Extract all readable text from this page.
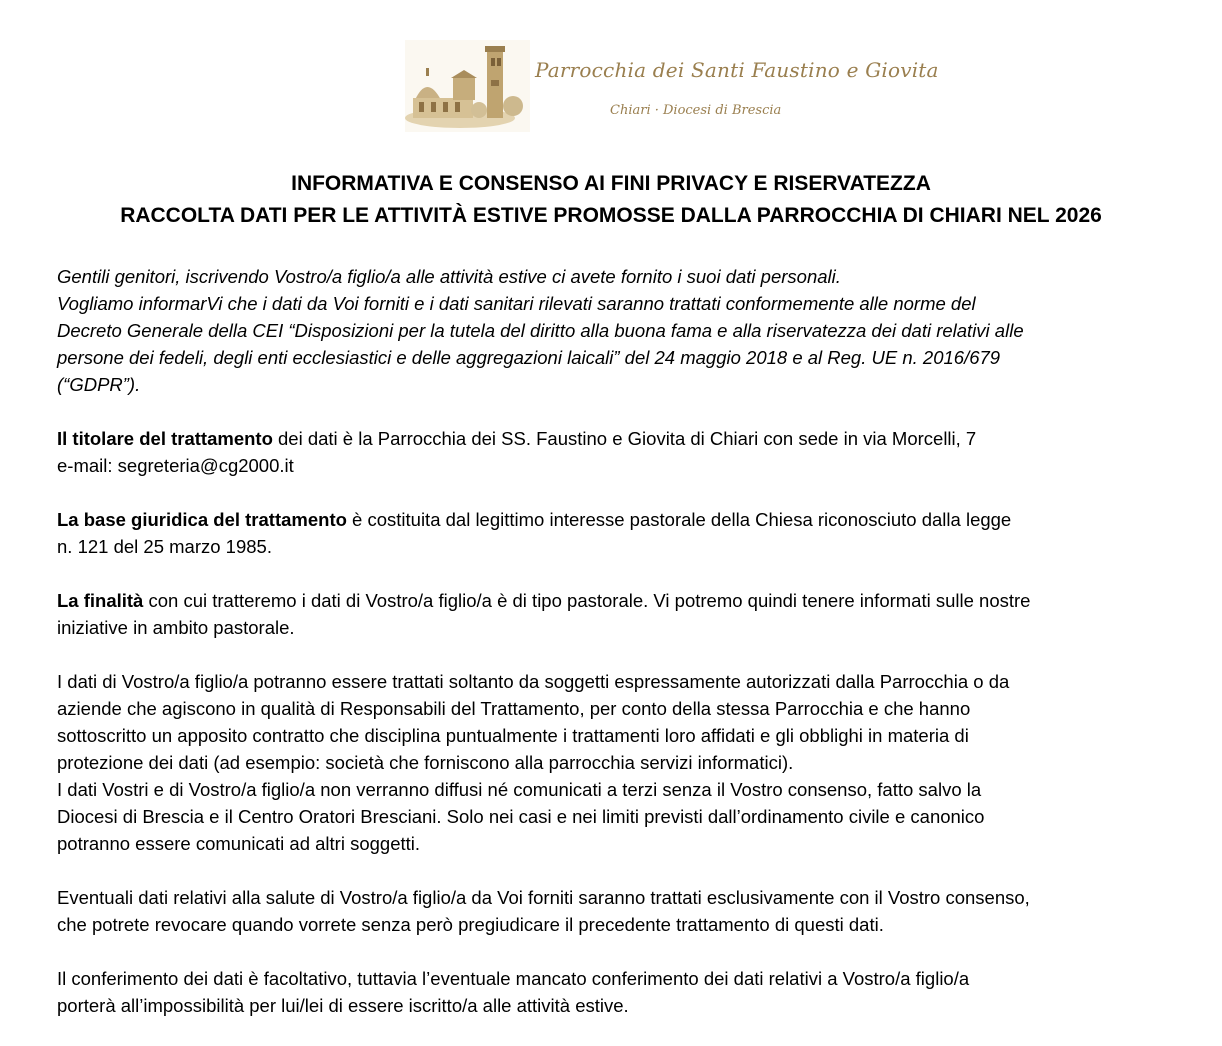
Parrocchia dei Santi Faustino e Giovita
Chiari · Diocesi di Brescia
INFORMATIVA E CONSENSO AI FINI PRIVACY E RISERVATEZZA
RACCOLTA DATI PER LE ATTIVITÀ ESTIVE PROMOSSE DALLA PARROCCHIA DI CHIARI NEL 2026

Gentili genitori, iscrivendo Vostro/a figlio/a alle attività estive ci avete fornito i suoi dati personali.
Vogliamo informarVi che i dati da Voi forniti e i dati sanitari rilevati saranno trattati conformemente alle norme del
Decreto Generale della CEI “Disposizioni per la tutela del diritto alla buona fama e alla riservatezza dei dati relativi alle
persone dei fedeli, degli enti ecclesiastici e delle aggregazioni laicali” del 24 maggio 2018 e al Reg. UE n. 2016/679
(“GDPR”).

Il titolare del trattamento dei dati è la Parrocchia dei SS. Faustino e Giovita di Chiari con sede in via Morcelli, 7
e-mail: segreteria@cg2000.it

La base giuridica del trattamento è costituita dal legittimo interesse pastorale della Chiesa riconosciuto dalla legge
n. 121 del 25 marzo 1985.

La finalità con cui tratteremo i dati di Vostro/a figlio/a è di tipo pastorale. Vi potremo quindi tenere informati sulle nostre
iniziative in ambito pastorale.

I dati di Vostro/a figlio/a potranno essere trattati soltanto da soggetti espressamente autorizzati dalla Parrocchia o da
aziende che agiscono in qualità di Responsabili del Trattamento, per conto della stessa Parrocchia e che hanno
sottoscritto un apposito contratto che disciplina puntualmente i trattamenti loro affidati e gli obblighi in materia di
protezione dei dati (ad esempio: società che forniscono alla parrocchia servizi informatici).
I dati Vostri e di Vostro/a figlio/a non verranno diffusi né comunicati a terzi senza il Vostro consenso, fatto salvo la
Diocesi di Brescia e il Centro Oratori Bresciani. Solo nei casi e nei limiti previsti dall’ordinamento civile e canonico
potranno essere comunicati ad altri soggetti.

Eventuali dati relativi alla salute di Vostro/a figlio/a da Voi forniti saranno trattati esclusivamente con il Vostro consenso,
che potrete revocare quando vorrete senza però pregiudicare il precedente trattamento di questi dati.

Il conferimento dei dati è facoltativo, tuttavia l’eventuale mancato conferimento dei dati relativi a Vostro/a figlio/a
porterà all’impossibilità per lui/lei di essere iscritto/a alle attività estive.
